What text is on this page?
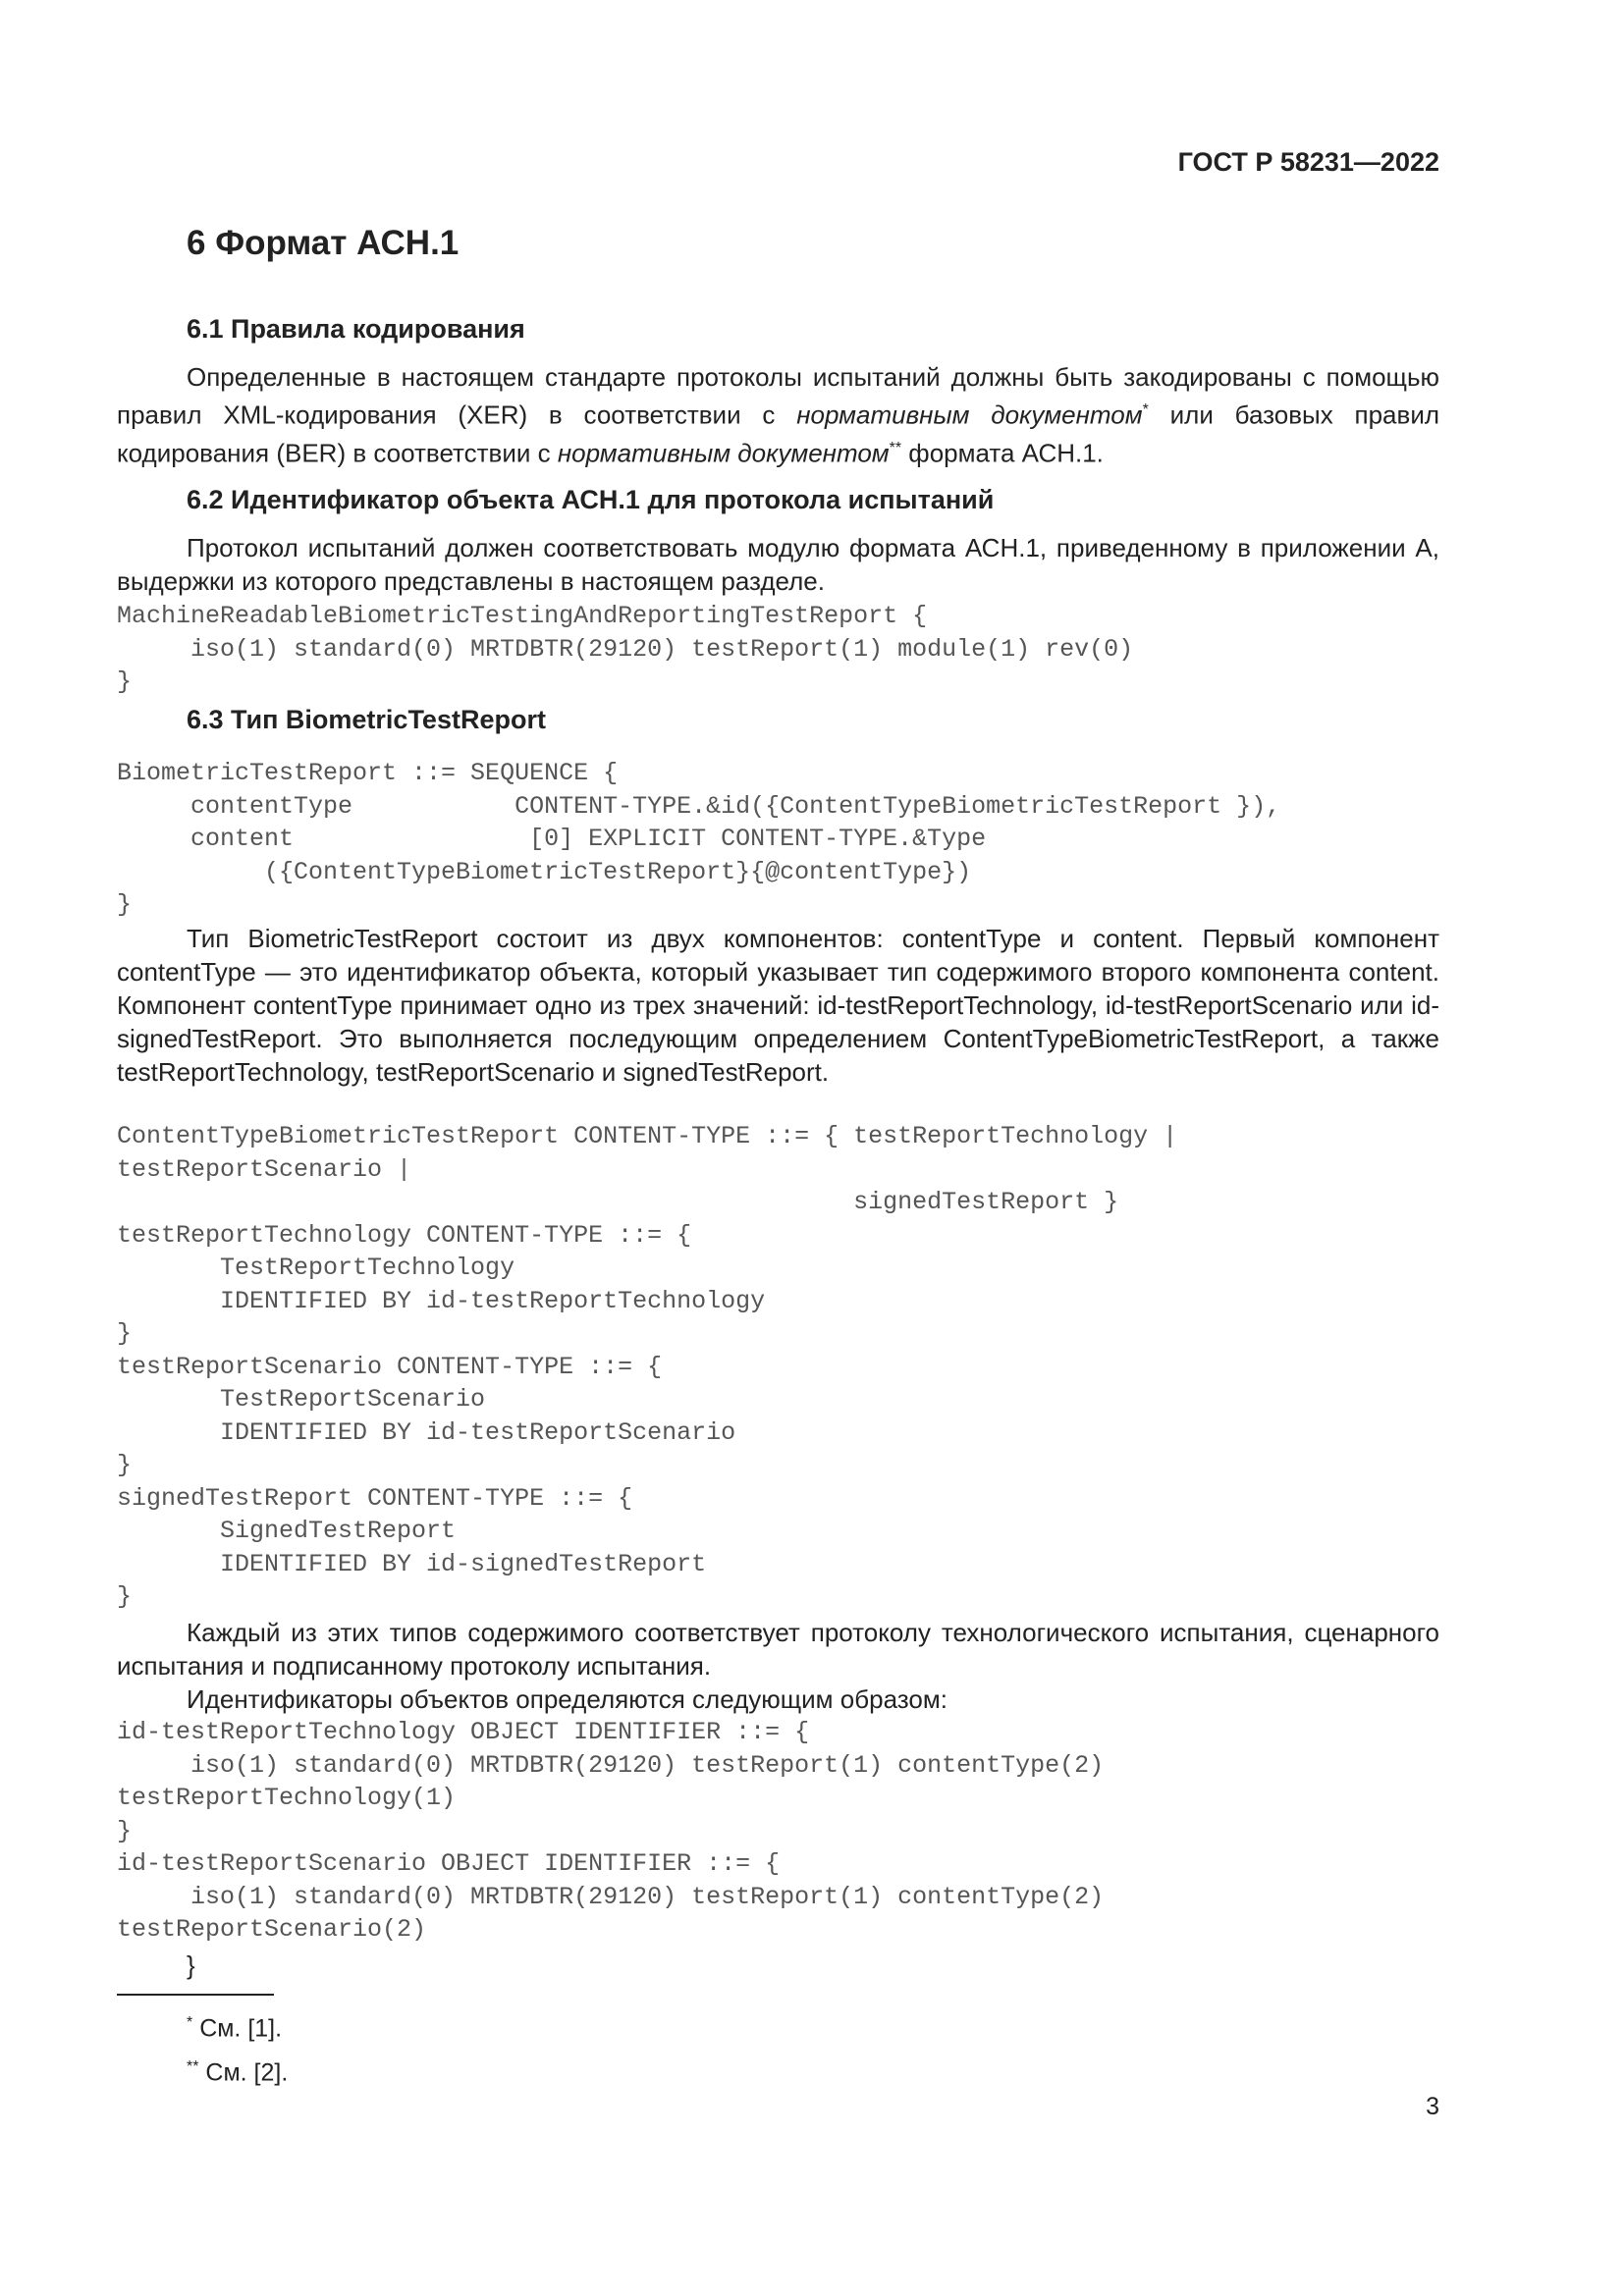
ГОСТ Р 58231—2022
6 Формат АСН.1
6.1 Правила кодирования
Определенные в настоящем стандарте протоколы испытаний должны быть закодированы с помощью правил XML-кодирования (XER) в соответствии с нормативным документом* или базовых правил кодирования (BER) в соответствии с нормативным документом** формата АСН.1.
6.2 Идентификатор объекта АСН.1 для протокола испытаний
Протокол испытаний должен соответствовать модулю формата АСН.1, приведенному в приложении А, выдержки из которого представлены в настоящем разделе.
MachineReadableBiometricTestingAndReportingTestReport {
iso(1) standard(0) MRTDBTR(29120) testReport(1) module(1) rev(0)
}
6.3 Тип BiometricTestReport
BiometricTestReport ::= SEQUENCE {
contentType           CONTENT-TYPE.&id({ContentTypeBiometricTestReport }),
content                [0] EXPLICIT CONTENT-TYPE.&Type
({ContentTypeBiometricTestReport}{@contentType})
}
Тип BiometricTestReport состоит из двух компонентов: contentType и content. Первый компонент contentType — это идентификатор объекта, который указывает тип содержимого второго компонента content. Компонент contentType принимает одно из трех значений: id-testReportTechnology, id-testReportScenario или id-signedTestReport. Это выполняется последующим определением ContentTypeBiometricTestReport, а также testReportTechnology, testReportScenario и signedTestReport.
ContentTypeBiometricTestReport CONTENT-TYPE ::= { testReportTechnology |
testReportScenario |
signedTestReport }
testReportTechnology CONTENT-TYPE ::= {
TestReportTechnology
IDENTIFIED BY id-testReportTechnology
}
testReportScenario CONTENT-TYPE ::= {
TestReportScenario
IDENTIFIED BY id-testReportScenario
}
signedTestReport CONTENT-TYPE ::= {
SignedTestReport
IDENTIFIED BY id-signedTestReport
}
Каждый из этих типов содержимого соответствует протоколу технологического испытания, сценарного испытания и подписанному протоколу испытания.
Идентификаторы объектов определяются следующим образом:
id-testReportTechnology OBJECT IDENTIFIER ::= {
iso(1) standard(0) MRTDBTR(29120) testReport(1) contentType(2)
testReportTechnology(1)
}
id-testReportScenario OBJECT IDENTIFIER ::= {
iso(1) standard(0) MRTDBTR(29120) testReport(1) contentType(2)
testReportScenario(2)
}
* См. [1].
** См. [2].
3
